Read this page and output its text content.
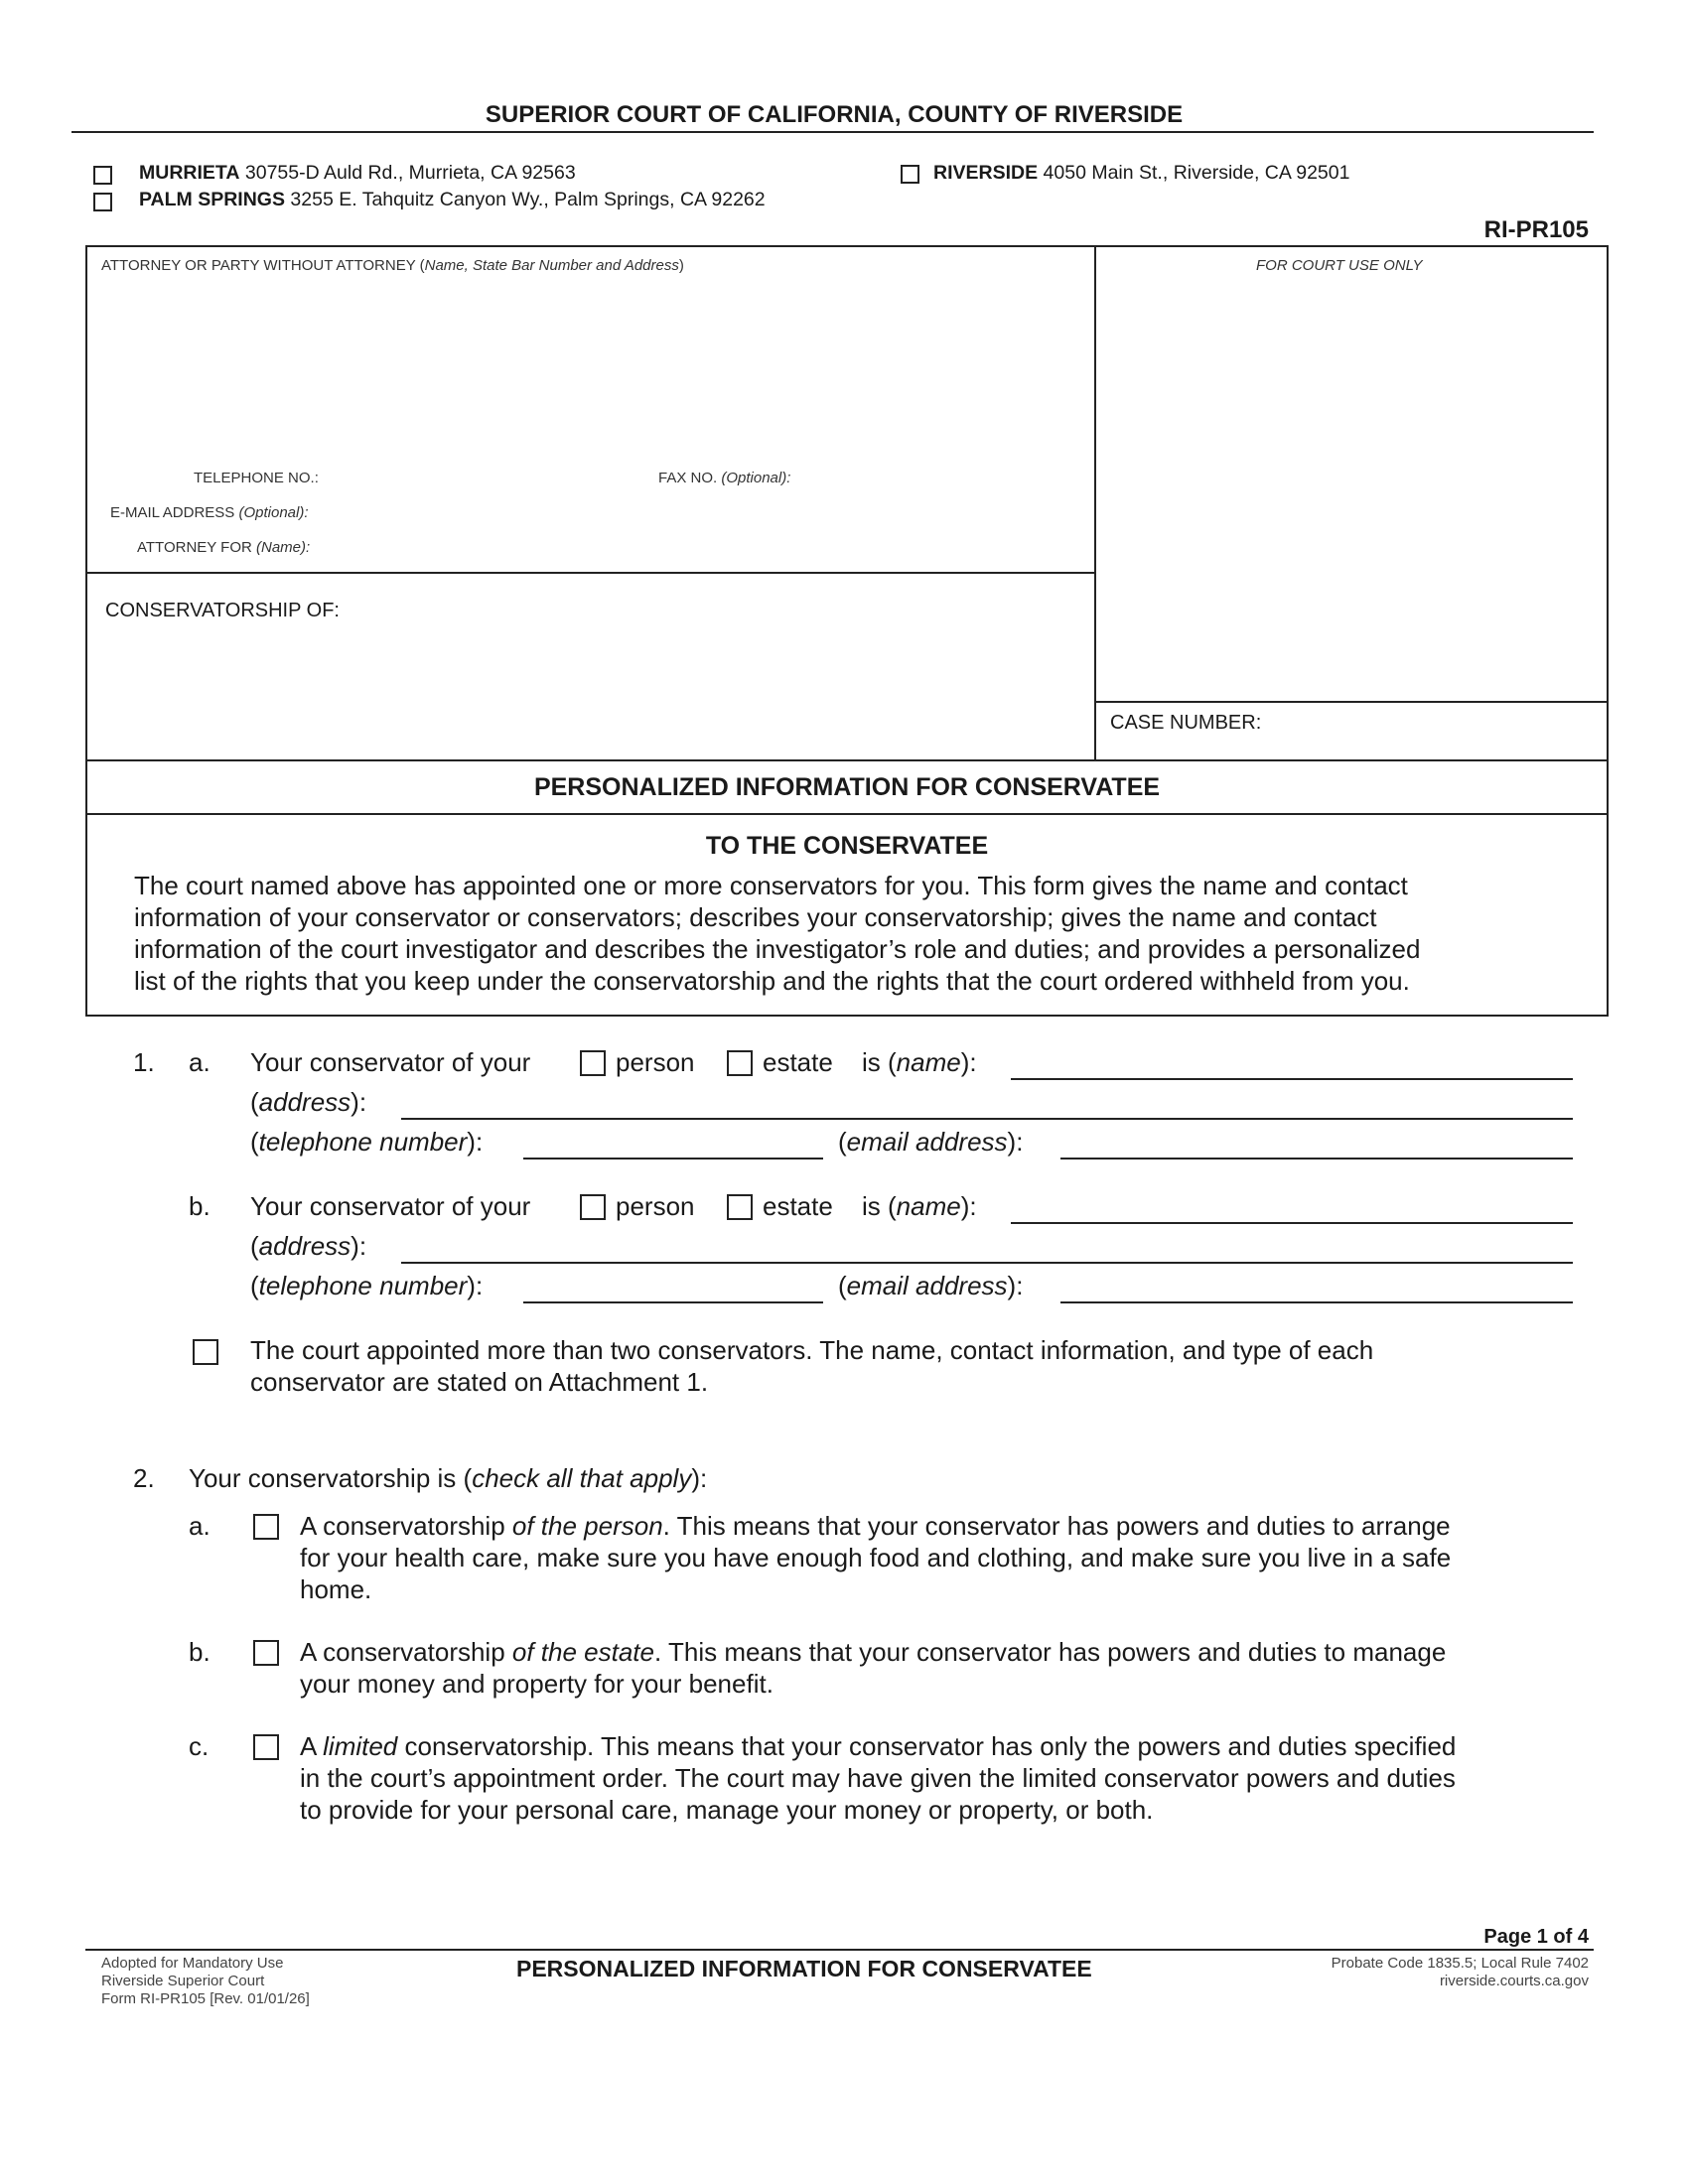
SUPERIOR COURT OF CALIFORNIA, COUNTY OF RIVERSIDE
MURRIETA 30755-D Auld Rd., Murrieta, CA 92563	RIVERSIDE 4050 Main St., Riverside, CA 92501
PALM SPRINGS 3255 E. Tahquitz Canyon Wy., Palm Springs, CA 92262
RI-PR105
ATTORNEY OR PARTY WITHOUT ATTORNEY (Name, State Bar Number and Address)	FOR COURT USE ONLY
TELEPHONE NO.:	FAX NO. (Optional):
E-MAIL ADDRESS (Optional):
ATTORNEY FOR (Name):
CONSERVATORSHIP OF:
CASE NUMBER:
PERSONALIZED INFORMATION FOR CONSERVATEE
TO THE CONSERVATEE
The court named above has appointed one or more conservators for you. This form gives the name and contact
information of your conservator or conservators; describes your conservatorship; gives the name and contact
information of the court investigator and describes the investigator’s role and duties; and provides a personalized
list of the rights that you keep under the conservatorship and the rights that the court ordered withheld from you.
1. a. Your conservator of your	person	estate is (name):
(address):
(telephone number):	(email address):
b. Your conservator of your	person	estate is (name):
(address):
(telephone number):	(email address):
The court appointed more than two conservators. The name, contact information, and type of each
conservator are stated on Attachment 1.
2. Your conservatorship is (check all that apply):
a.	A conservatorship of the person. This means that your conservator has powers and duties to arrange
for your health care, make sure you have enough food and clothing, and make sure you live in a safe
home.
b.	A conservatorship of the estate. This means that your conservator has powers and duties to manage
your money and property for your benefit.
c.	A limited conservatorship. This means that your conservator has only the powers and duties specified
in the court’s appointment order. The court may have given the limited conservator powers and duties
to provide for your personal care, manage your money or property, or both.
Page 1 of 4
Adopted for Mandatory Use
Riverside Superior Court
Form RI-PR105 [Rev. 01/01/26]
PERSONALIZED INFORMATION FOR CONSERVATEE	Probate Code 1835.5; Local Rule 7402
riverside.courts.ca.gov
